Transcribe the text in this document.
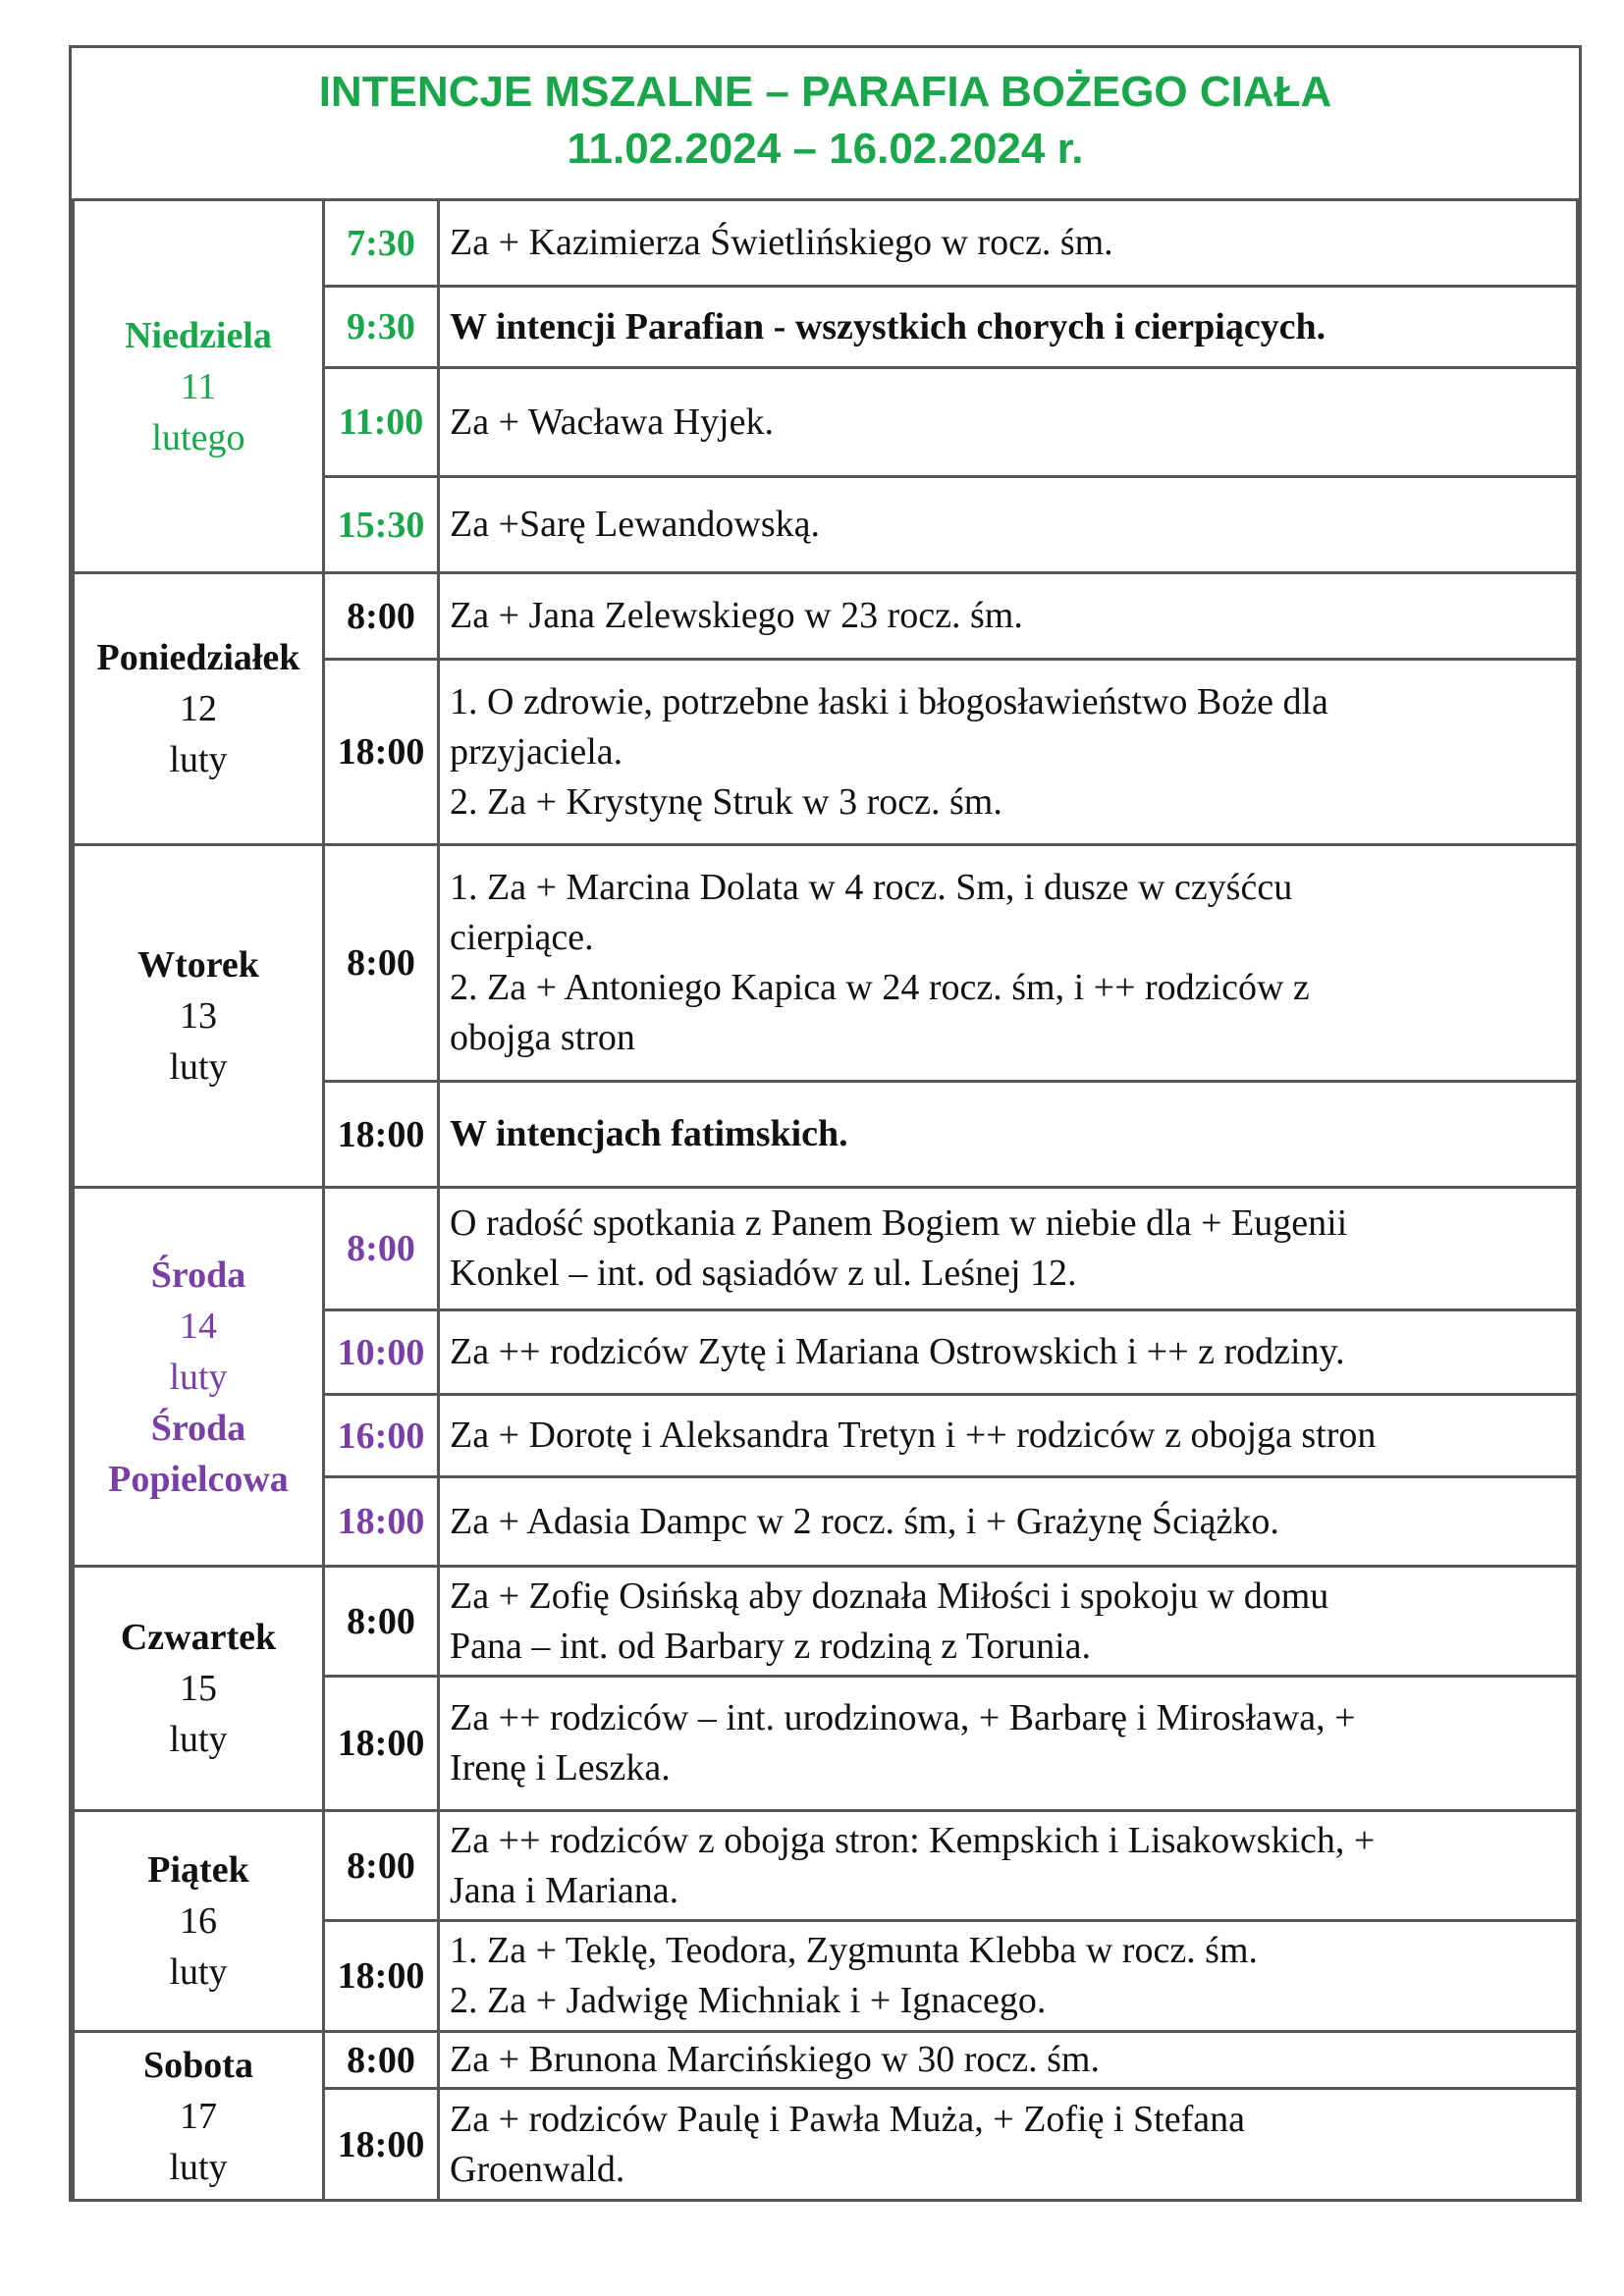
INTENCJE MSZALNE – PARAFIA BOŻEGO CIAŁA
11.02.2024 – 16.02.2024 r.
Niedziela
11
lutego
7:30 Za + Kazimierza Świetlińskiego w rocz. śm.
9:30 W intencji Parafian - wszystkich chorych i cierpiących.
11:00 Za + Wacława Hyjek.
15:30 Za +Sarę Lewandowską.
Poniedziałek
12
luty
8:00 Za + Jana Zelewskiego w 23 rocz. śm.
18:00
1. O zdrowie, potrzebne łaski i błogosławieństwo Boże dla
przyjaciela.
2. Za + Krystynę Struk w 3 rocz. śm.
Wtorek
13
luty
8:00
1. Za + Marcina Dolata w 4 rocz. Sm, i dusze w czyśćcu
cierpiące.
2. Za + Antoniego Kapica w 24 rocz. śm, i ++ rodziców z
obojga stron
18:00 W intencjach fatimskich.
Środa
14
luty
Środa
Popielcowa
8:00
O radość spotkania z Panem Bogiem w niebie dla + Eugenii
Konkel – int. od sąsiadów z ul. Leśnej 12.
10:00 Za ++ rodziców Zytę i Mariana Ostrowskich i ++ z rodziny.
16:00 Za + Dorotę i Aleksandra Tretyn i ++ rodziców z obojga stron
18:00 Za + Adasia Dampc w 2 rocz. śm, i + Grażynę Ściążko.
Czwartek
15
luty
8:00
Za + Zofię Osińską aby doznała Miłości i spokoju w domu
Pana – int. od Barbary z rodziną z Torunia.
18:00
Za ++ rodziców – int. urodzinowa, + Barbarę i Mirosława, +
Irenę i Leszka.
Piątek
16
luty
8:00
Za ++ rodziców z obojga stron: Kempskich i Lisakowskich, +
Jana i Mariana.
18:00
1. Za + Teklę, Teodora, Zygmunta Klebba w rocz. śm.
2. Za + Jadwigę Michniak i + Ignacego.
Sobota
17
luty
8:00 Za + Brunona Marcińskiego w 30 rocz. śm.
18:00
Za + rodziców Paulę i Pawła Muża, + Zofię i Stefana
Groenwald.
